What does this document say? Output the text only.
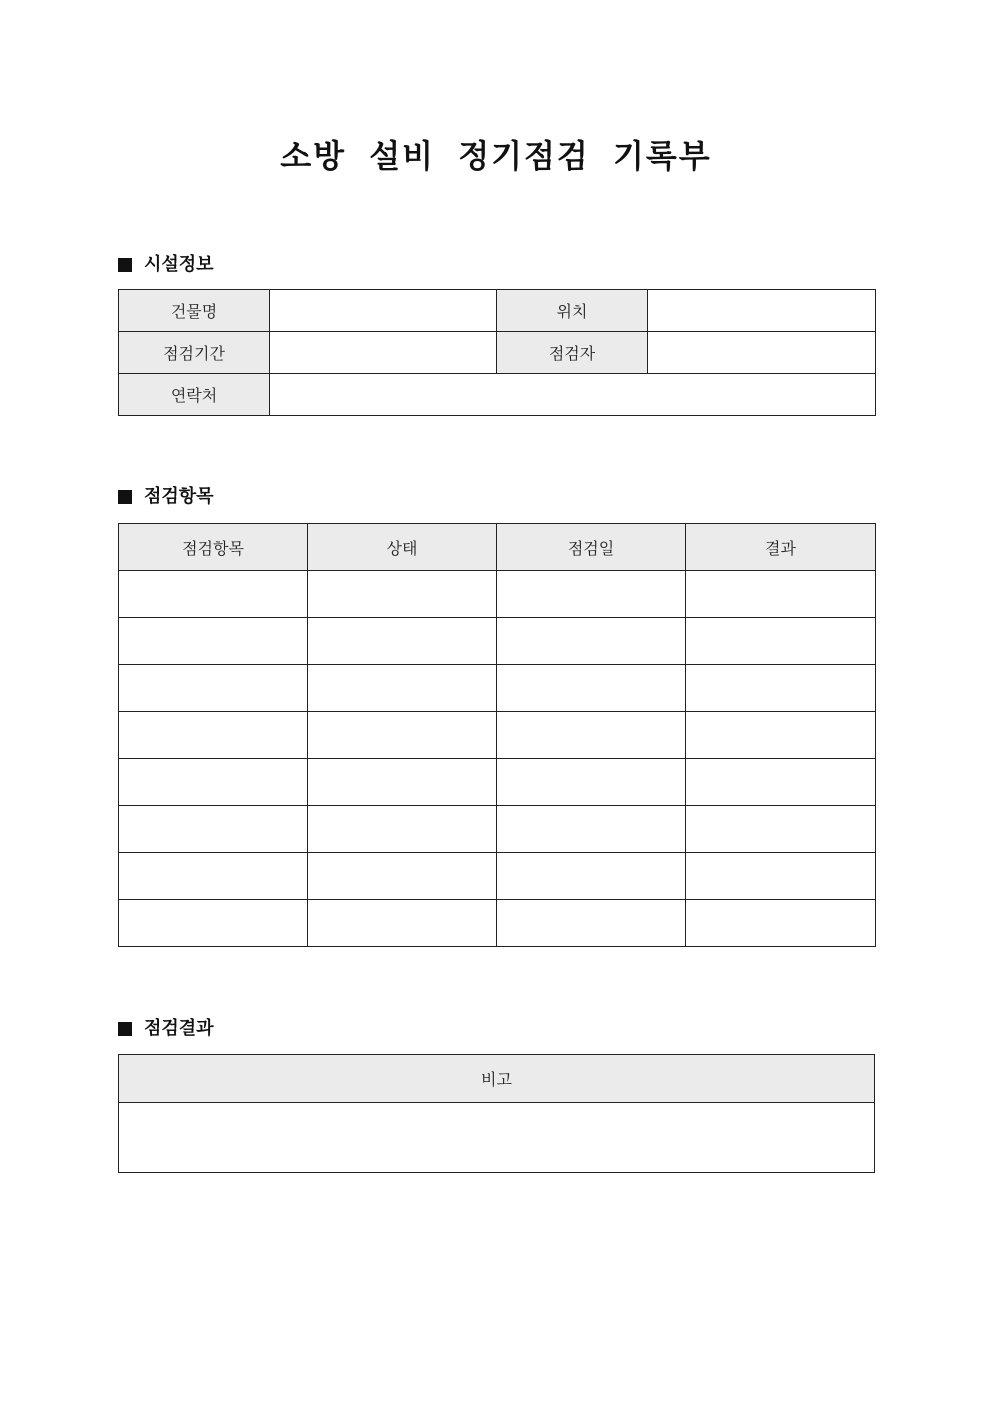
소방 설비 정기점검 기록부
시설정보
건물명		위치	
점검기간		점검자	
연락처			
점검항목
점검항목	상태	점검일	결과

점검결과
비고
